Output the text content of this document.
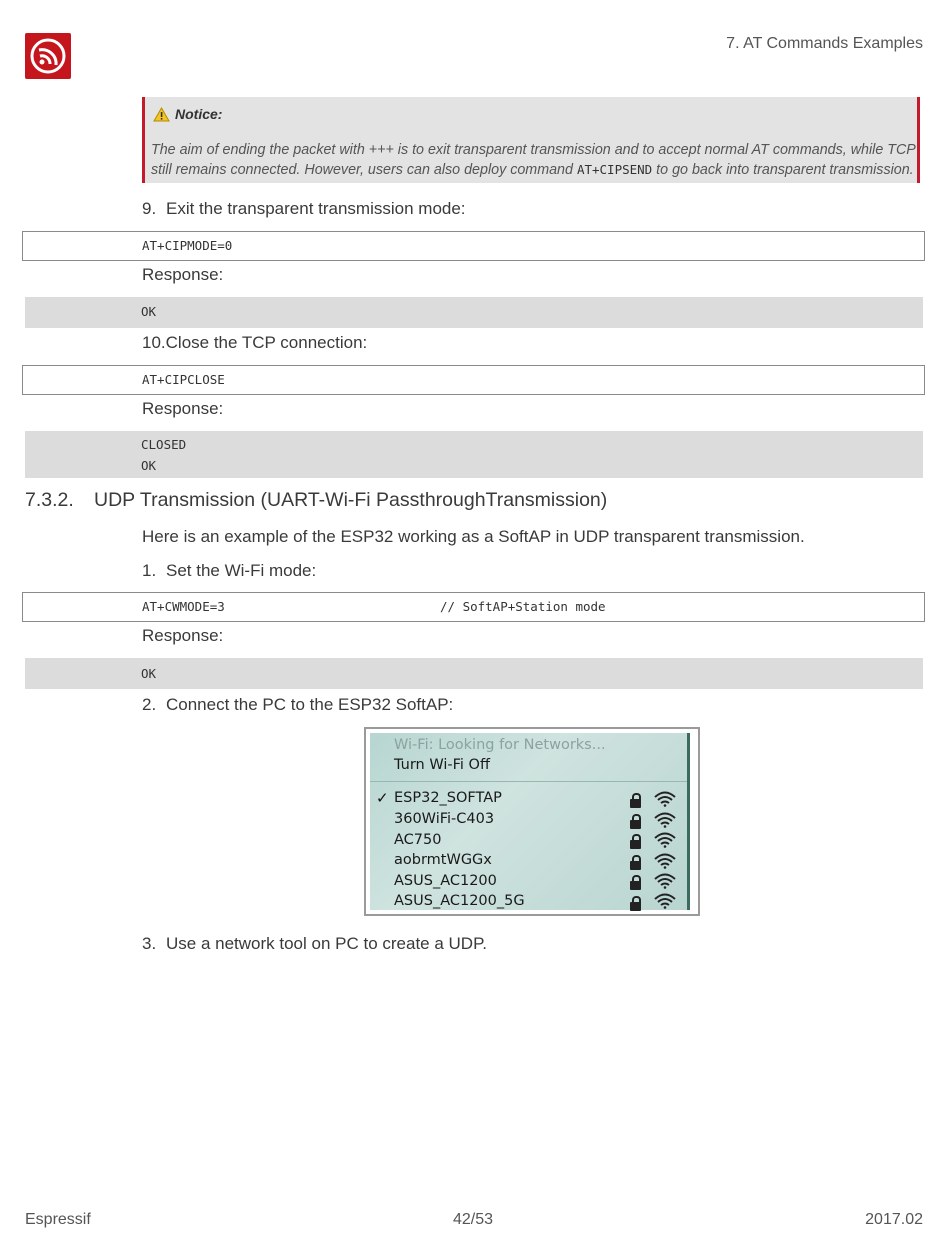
7. AT Commands Examples
Notice:
The aim of ending the packet with +++ is to exit transparent transmission and to accept normal AT commands, while TCP still remains connected. However, users can also deploy command AT+CIPSEND to go back into transparent transmission.
9. Exit the transparent transmission mode:
AT+CIPMODE=0
Response:
OK
10.Close the TCP connection:
AT+CIPCLOSE
Response:
CLOSED
OK
7.3.2. UDP Transmission (UART-Wi-Fi PassthroughTransmission)
Here is an example of the ESP32 working as a SoftAP in UDP transparent transmission.
1. Set the Wi-Fi mode:
AT+CWMODE=3	// SoftAP+Station mode
Response:
OK
2. Connect the PC to the ESP32 SoftAP:
Wi-Fi: Looking for Networks...
Turn Wi-Fi Off
✓ ESP32_SOFTAP
360WiFi-C403
AC750
aobrmtWGGx
ASUS_AC1200
ASUS_AC1200_5G
3. Use a network tool on PC to create a UDP.
Espressif	42/53	2017.02
